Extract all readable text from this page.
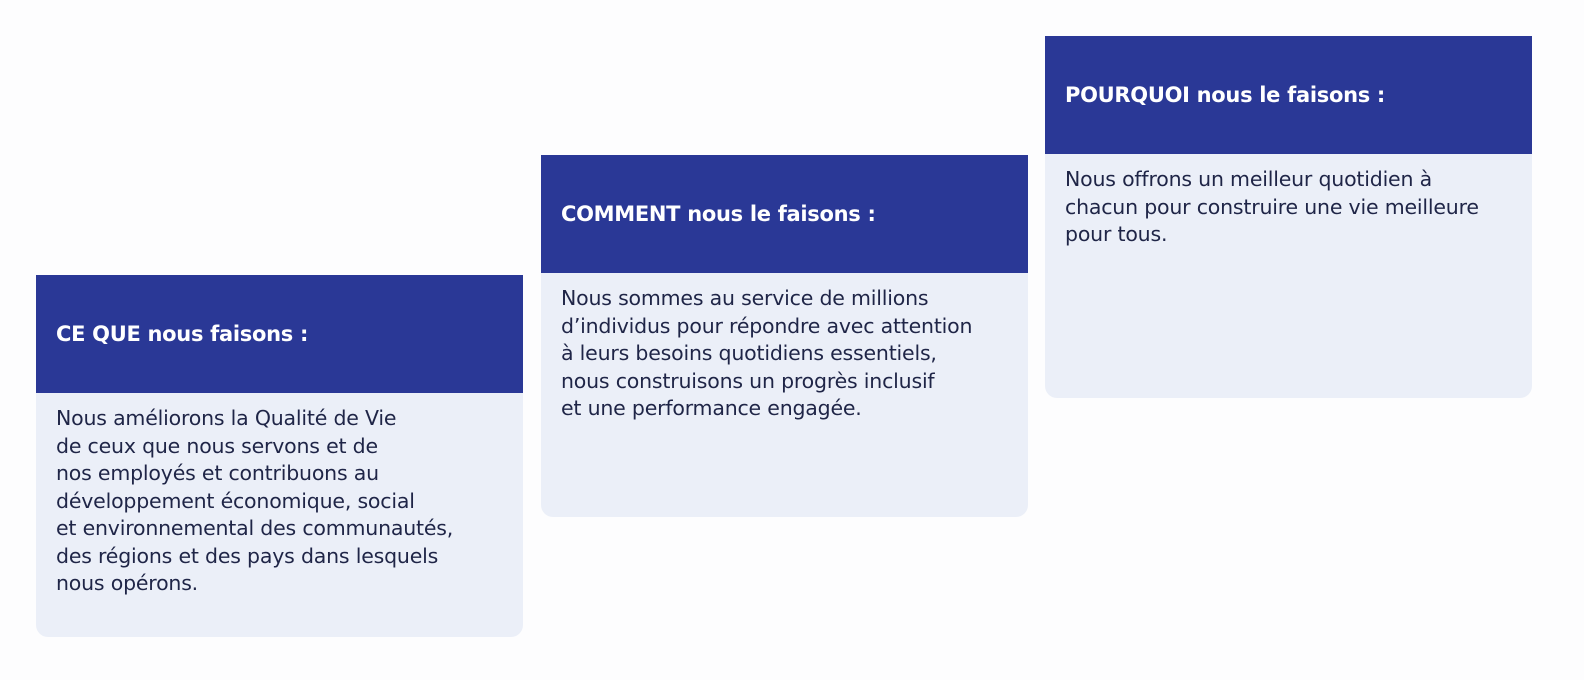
CE QUE nous faisons :
Nous améliorons la Qualité de Vie
de ceux que nous servons et de
nos employés et contribuons au
développement économique, social
et environnemental des communautés,
des régions et des pays dans lesquels
nous opérons.
COMMENT nous le faisons :
Nous sommes au service de millions
d’individus pour répondre avec attention
à leurs besoins quotidiens essentiels,
nous construisons un progrès inclusif
et une performance engagée.
POURQUOI nous le faisons :
Nous offrons un meilleur quotidien à
chacun pour construire une vie meilleure
pour tous.
